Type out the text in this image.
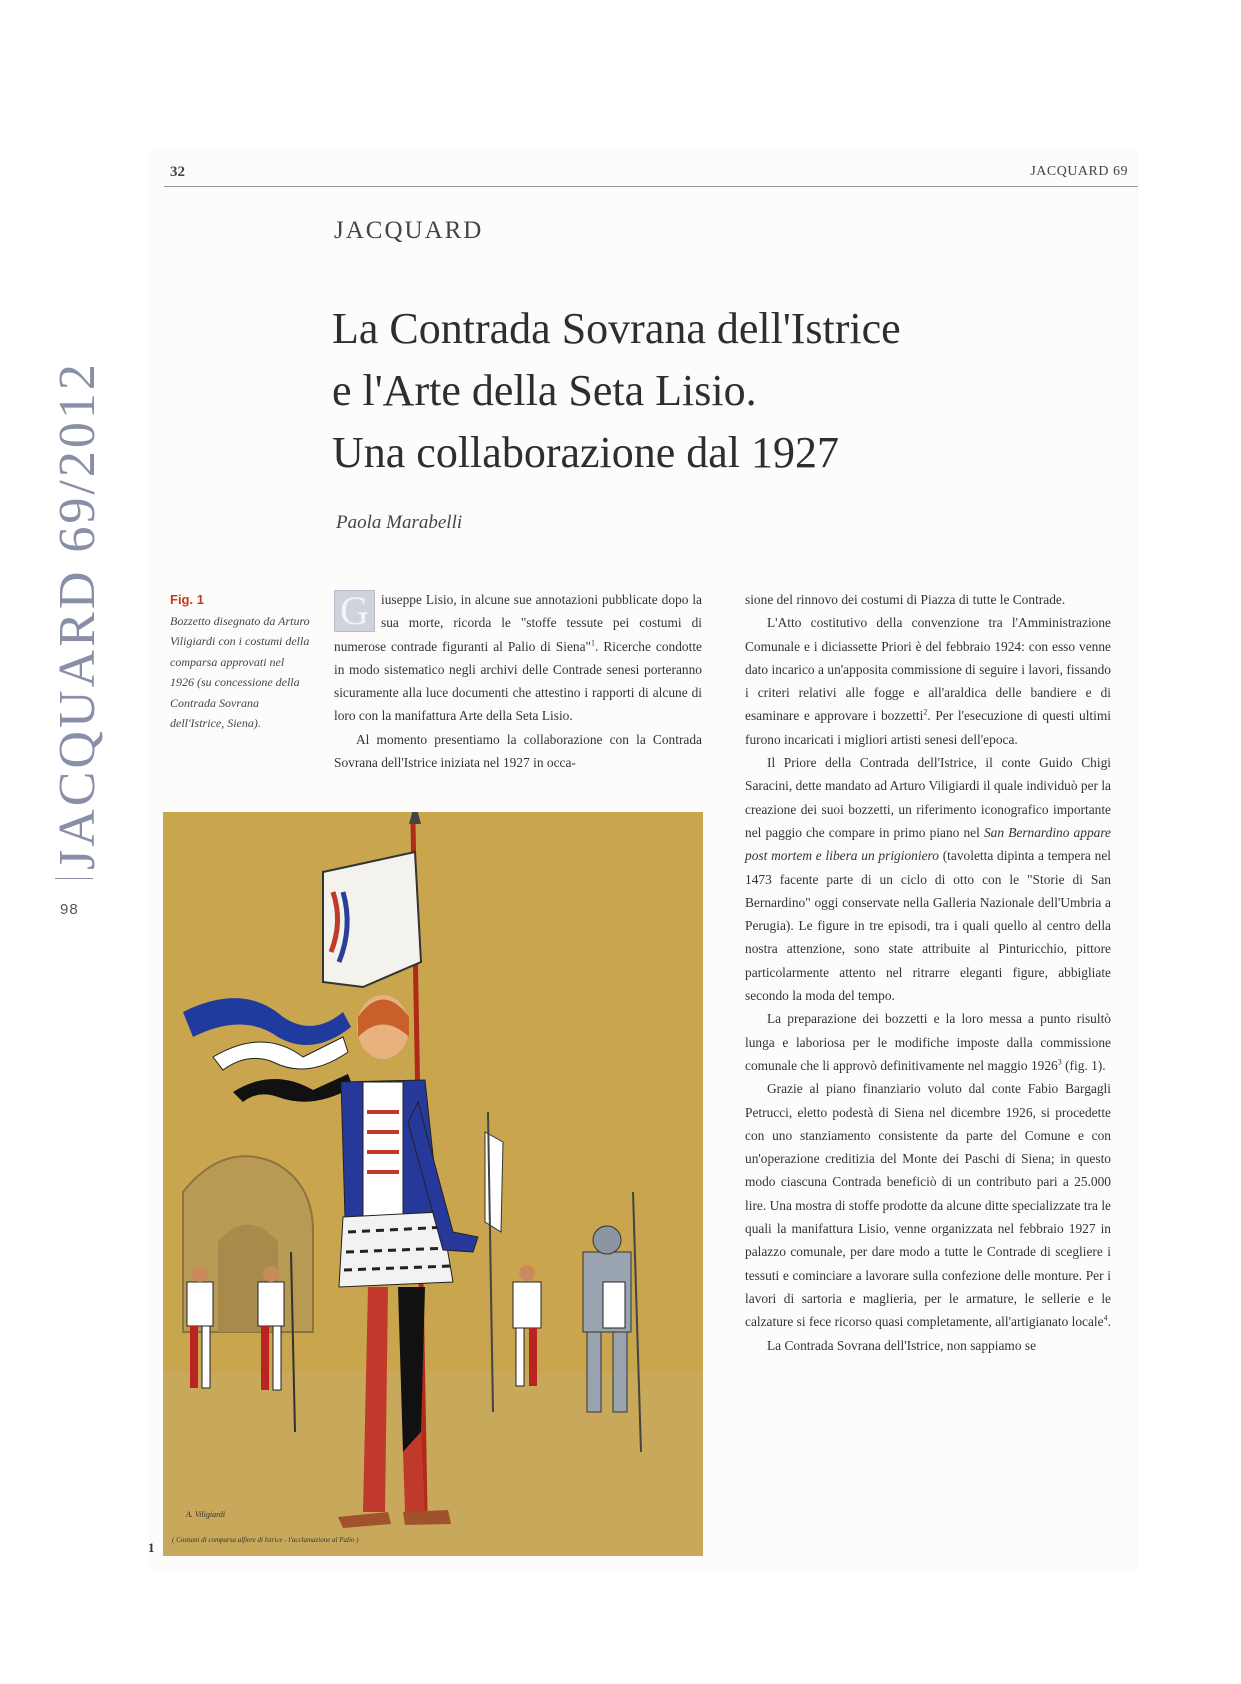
JACQUARD 69/2012
98
32	JACQUARD 69
JACQUARD
La Contrada Sovrana dell'Istrice
e l'Arte della Seta Lisio.
Una collaborazione dal 1927
Paola Marabelli
Fig. 1
Bozzetto disegnato da Arturo Viligiardi con i costumi della comparsa approvati nel 1926 (su concessione della Contrada Sovrana dell'Istrice, Siena).

G iuseppe Lisio, in alcune sue annotazioni pubblicate dopo la sua morte, ricorda le "stoffe tessute pei costumi di numerose contrade figuranti al Palio di Siena"$^1$. Ricerche condotte in modo sistematico negli archivi delle Contrade senesi porteranno sicuramente alla luce documenti che attestino i rapporti di alcune di loro con la manifattura Arte della Seta Lisio.

Al momento presentiamo la collaborazione con la Contrada Sovrana dell'Istrice iniziata nel 1927 in occa-

sione del rinnovo dei costumi di Piazza di tutte le Contrade.

L'Atto costitutivo della convenzione tra l'Amministrazione Comunale e i diciassette Priori è del febbraio 1924: con esso venne dato incarico a un'apposita commissione di seguire i lavori, fissando i criteri relativi alle fogge e all'araldica delle bandiere e di esaminare e approvare i bozzetti$^2$. Per l'esecuzione di questi ultimi furono incaricati i migliori artisti senesi dell'epoca.

Il Priore della Contrada dell'Istrice, il conte Guido Chigi Saracini, dette mandato ad Arturo Viligiardi il quale individuò per la creazione dei suoi bozzetti, un riferimento iconografico importante nel paggio che compare in primo piano nel San Bernardino appare post mortem e libera un prigioniero (tavoletta dipinta a tempera nel 1473 facente parte di un ciclo di otto con le "Storie di San Bernardino" oggi conservate nella Galleria Nazionale dell'Umbria a Perugia). Le figure in tre episodi, tra i quali quello al centro della nostra attenzione, sono state attribuite al Pinturicchio, pittore particolarmente attento nel ritrarre eleganti figure, abbigliate secondo la moda del tempo.

La preparazione dei bozzetti e la loro messa a punto risultò lunga e laboriosa per le modifiche imposte dalla commissione comunale che li approvò definitivamente nel maggio 1926$^3$ (fig. 1).

Grazie al piano finanziario voluto dal conte Fabio Bargagli Petrucci, eletto podestà di Siena nel dicembre 1926, si procedette con uno stanziamento consistente da parte del Comune e con un'operazione creditizia del Monte dei Paschi di Siena; in questo modo ciascuna Contrada beneficiò di un contributo pari a 25.000 lire. Una mostra di stoffe prodotte da alcune ditte specializzate tra le quali la manifattura Lisio, venne organizzata nel febbraio 1927 in palazzo comunale, per dare modo a tutte le Contrade di scegliere i tessuti e cominciare a lavorare sulla confezione delle monture. Per i lavori di sartoria e maglieria, per le armature, le sellerie e le calzature si fece ricorso quasi completamente, all'artigianato locale$^4$.

La Contrada Sovrana dell'Istrice, non sappiamo se

A. Viligiardi
1	( Costumi di comparsa alfiere di Istrice - l'acclamazione al Palio )
